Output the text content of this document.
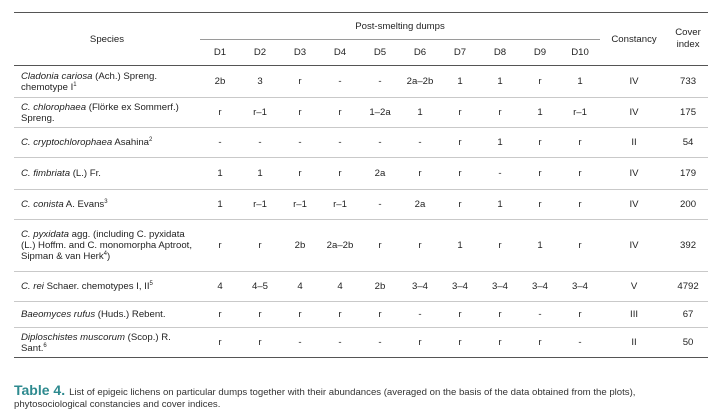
Species	Post-smelting dumps										Constancy	Cover index
	D1	D2	D3	D4	D5	D6	D7	D8	D9	D10		
Cladonia cariosa (Ach.) Spreng. chemotype $I^1$	2b	3	r	-	-	2a–2b	1	1	r	1	IV	733
C. chlorophaea (Flörke ex Sommerf.) Spreng.	r	r–1	r	r	1–2a	1	r	r	1	r–1	IV	175
C. cryptochlorophaea Asahina$^2$	-	-	-	-	-	-	r	1	r	r	II	54
C. fimbriata (L.) Fr.	1	1	r	r	2a	r	r	-	r	r	IV	179
C. conista A. Evans$^3$	1	r–1	r–1	r–1	-	2a	r	1	r	r	IV	200
C. pyxidata agg. (including C. pyxidata (L.) Hoffm. and C. monomorpha Aptroot, Sipman & van Herk$^4$)	r	r	2b	2a–2b	r	r	1	r	1	r	IV	392
C. rei Schaer. chemotypes I, $II^5$	4	4–5	4	4	2b	3–4	3–4	3–4	3–4	3–4	V	4792
Baeomyces rufus (Huds.) Rebent.	r	r	r	r	r	-	r	r	-	r	III	67
Diploschistes muscorum (Scop.) R. Sant.$^6$	r	r	-	-	-	r	r	r	r	-	II	50
Table 4. List of epigeic lichens on particular dumps together with their abundances (averaged on the basis of the data obtained from the plots), phytosociological constancies and cover indices.
